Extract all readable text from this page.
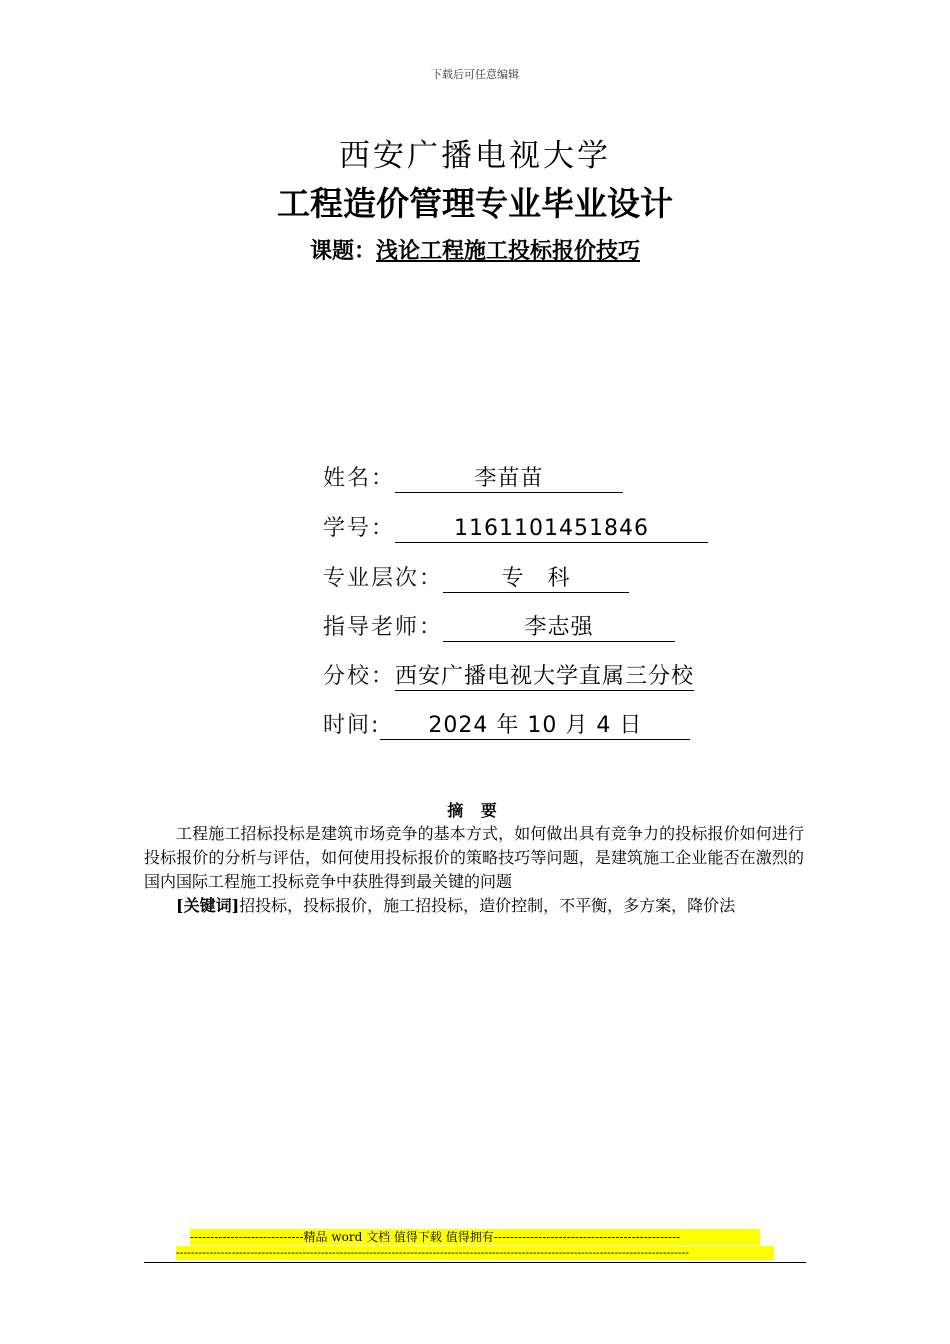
下载后可任意编辑
西安广播电视大学
工程造价管理专业毕业设计
课题：浅论工程施工投标报价技巧

姓名：	李苗苗

学号：	1161101451846

专业层次：	专　科

指导老师：	李志强

分校：西安广播电视大学直属三分校

时间: 2024 年 10 月 4 日

摘 要

工程施工招标投标是建筑市场竞争的基本方式，如何做出具有竞争力的投标报价如何进行投标报价的分析与评估，如何使用投标报价的策略技巧等问题，是建筑施工企业能否在激烈的国内国际工程施工投标竞争中获胜得到最关键的问题

[关键词]招投标，投标报价，施工招投标，造价控制，不平衡，多方案，降价法

----------------------------精品 word 文档 值得下载 值得拥有----------------------------------------------
------------------------------------------------------------------------------------------------------------------------------------------
